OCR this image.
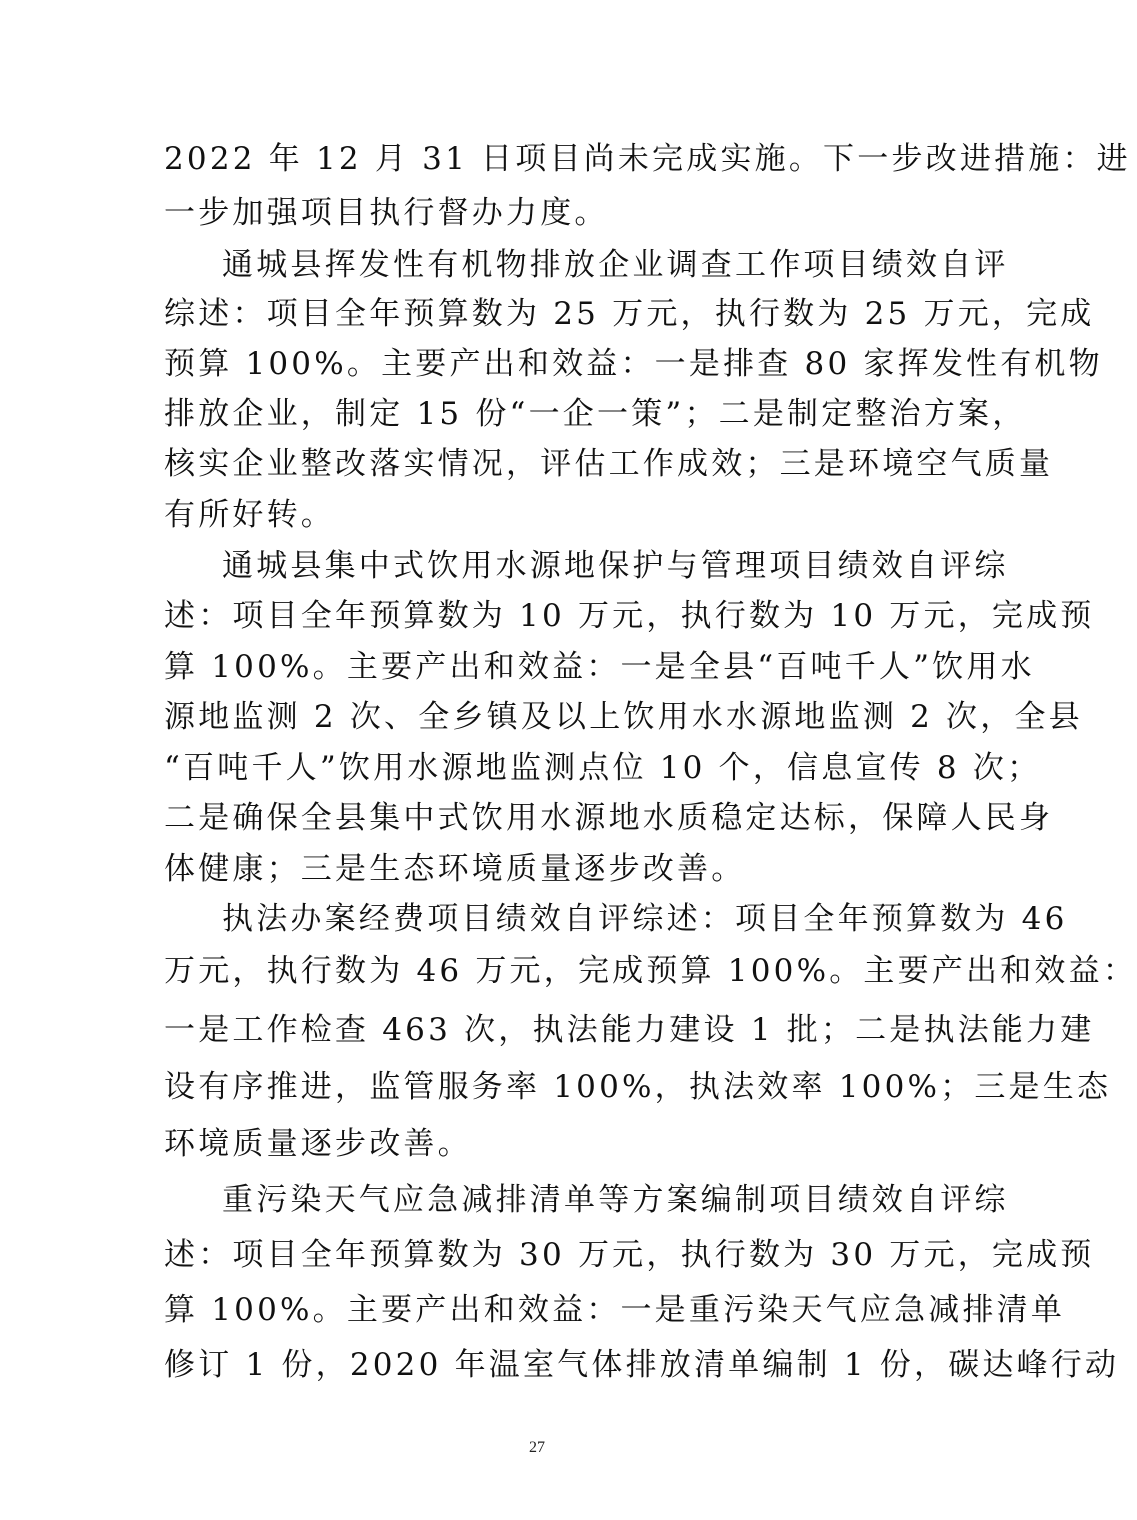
2022 年 12 月 31 日项目尚未完成实施。下一步改进措施：进
一步加强项目执行督办力度。
通城县挥发性有机物排放企业调查工作项目绩效自评
综述：项目全年预算数为 25 万元，执行数为 25 万元，完成
预算 100%。主要产出和效益：一是排查 80 家挥发性有机物
排放企业，制定 15 份“一企一策”；二是制定整治方案，
核实企业整改落实情况，评估工作成效；三是环境空气质量
有所好转。
通城县集中式饮用水源地保护与管理项目绩效自评综
述：项目全年预算数为 10 万元，执行数为 10 万元，完成预
算 100%。主要产出和效益：一是全县“百吨千人”饮用水
源地监测 2 次、全乡镇及以上饮用水水源地监测 2 次，全县
“百吨千人”饮用水源地监测点位 10 个，信息宣传 8 次；
二是确保全县集中式饮用水源地水质稳定达标，保障人民身
体健康；三是生态环境质量逐步改善。
执法办案经费项目绩效自评综述：项目全年预算数为 46
万元，执行数为 46 万元，完成预算 100%。主要产出和效益：
一是工作检查 463 次，执法能力建设 1 批；二是执法能力建
设有序推进，监管服务率 100%，执法效率 100%；三是生态
环境质量逐步改善。
重污染天气应急减排清单等方案编制项目绩效自评综
述：项目全年预算数为 30 万元，执行数为 30 万元，完成预
算 100%。主要产出和效益：一是重污染天气应急减排清单
修订 1 份，2020 年温室气体排放清单编制 1 份，碳达峰行动
27
